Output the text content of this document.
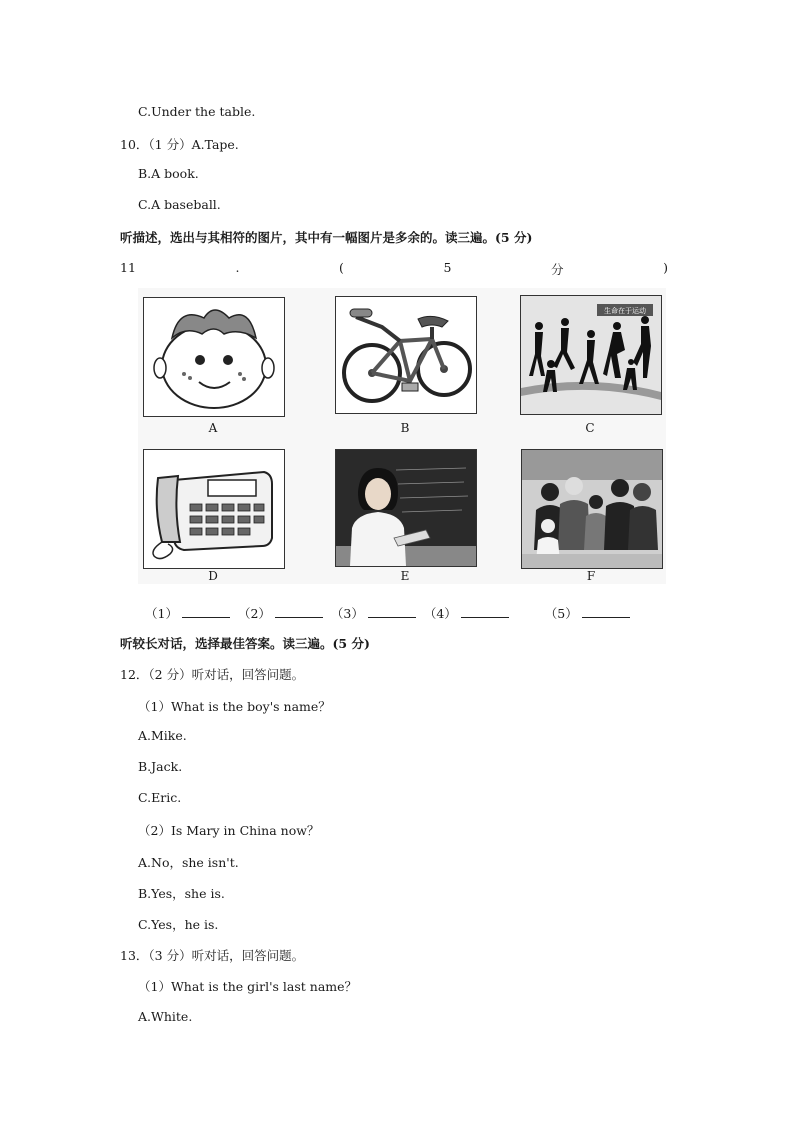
C.Under the table.
10．（1 分）A.Tape.
B.A book.
C.A baseball.
听描述，选出与其相符的图片，其中有一幅图片是多余的。读三遍。(5 分)
11	.	(	5	分	)
A	B
生命在于运动
C
D	E	F
（1）	（2）	（3）	（4）	（5）
听较长对话，选择最佳答案。读三遍。(5 分)
12．（2 分）听对话，回答问题。
（1）What is the boy's name？
A.Mike.
B.Jack.
C.Eric.
（2）Is Mary in China now？
A.No，she isn't.
B.Yes，she is.
C.Yes，he is.
13．（3 分）听对话，回答问题。
（1）What is the girl's last name？
A.White.
